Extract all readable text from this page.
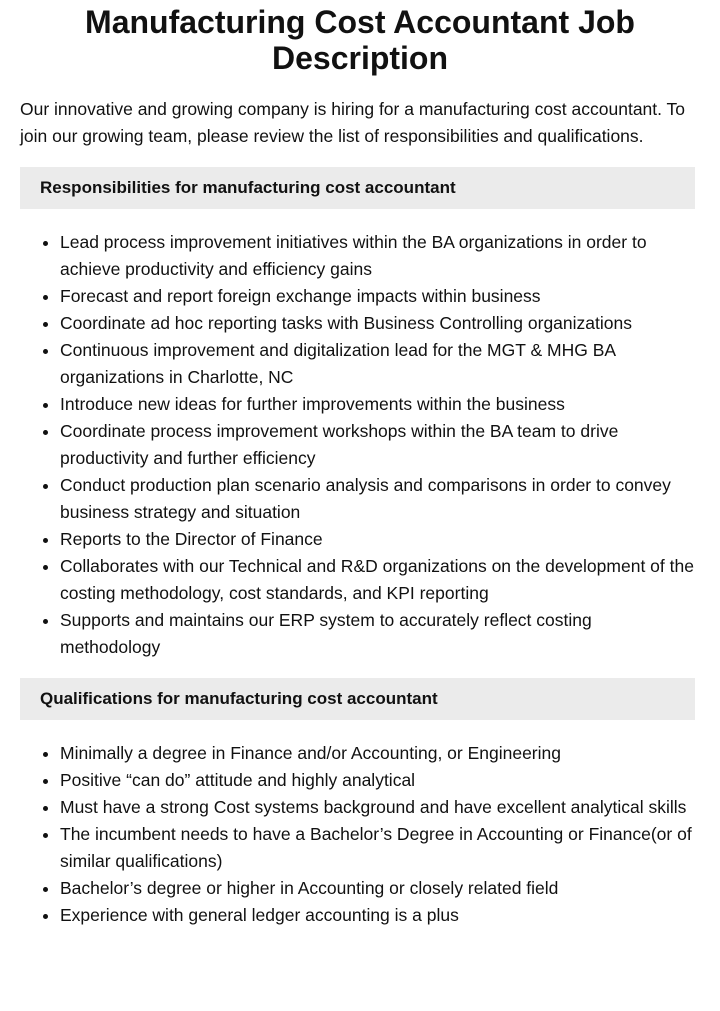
Manufacturing Cost Accountant Job Description

Our innovative and growing company is hiring for a manufacturing cost accountant. To join our growing team, please review the list of responsibilities and qualifications.

Responsibilities for manufacturing cost accountant
• Lead process improvement initiatives within the BA organizations in order to achieve productivity and efficiency gains
• Forecast and report foreign exchange impacts within business
• Coordinate ad hoc reporting tasks with Business Controlling organizations
• Continuous improvement and digitalization lead for the MGT & MHG BA organizations in Charlotte, NC
• Introduce new ideas for further improvements within the business
• Coordinate process improvement workshops within the BA team to drive productivity and further efficiency
• Conduct production plan scenario analysis and comparisons in order to convey business strategy and situation
• Reports to the Director of Finance
• Collaborates with our Technical and R&D organizations on the development of the costing methodology, cost standards, and KPI reporting
• Supports and maintains our ERP system to accurately reflect costing methodology
Qualifications for manufacturing cost accountant
• Minimally a degree in Finance and/or Accounting, or Engineering
• Positive “can do” attitude and highly analytical
• Must have a strong Cost systems background and have excellent analytical skills
• The incumbent needs to have a Bachelor’s Degree in Accounting or Finance(or of similar qualifications)
• Bachelor’s degree or higher in Accounting or closely related field
• Experience with general ledger accounting is a plus
